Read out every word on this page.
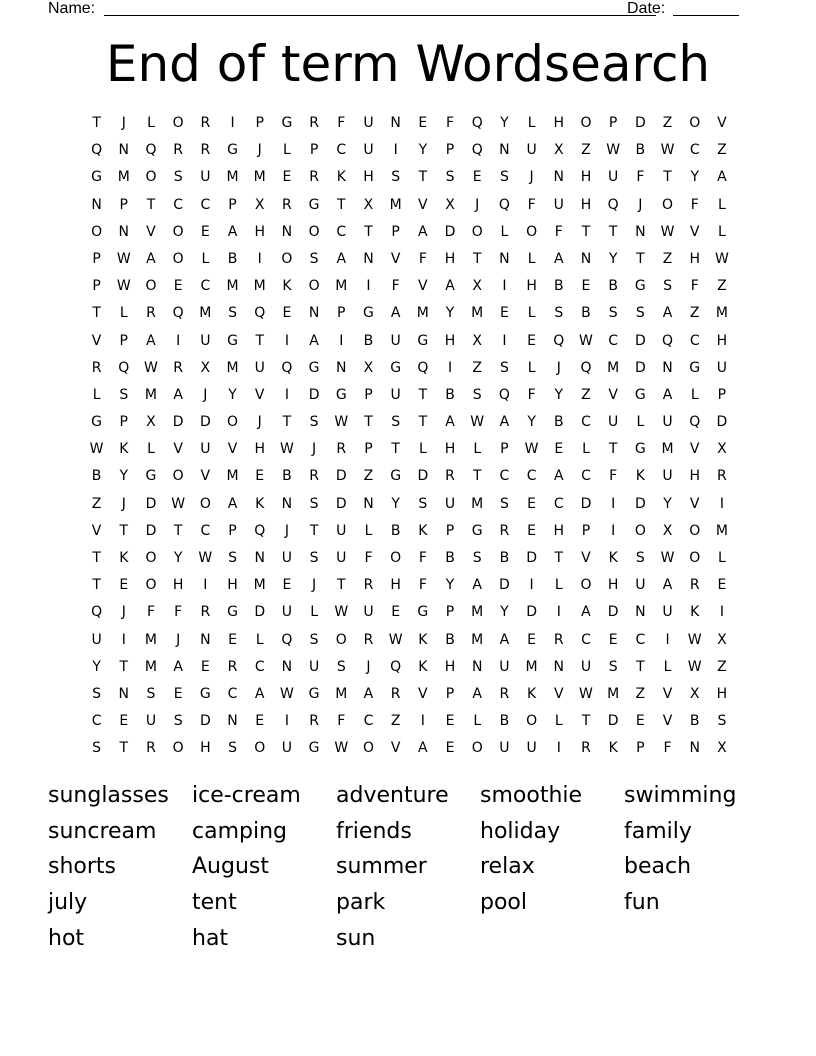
Name:	Date:
End of term Wordsearch
T	J	L	O	R	I	P	G	R	F	U	N	E	F	Q	Y	L	H	O	P	D	Z	O	V
Q	N	Q	R	R	G	J	L	P	C	U	I	Y	P	Q	N	U	X	Z	W	B	W	C	Z
G	M	O	S	U	M	M	E	R	K	H	S	T	S	E	S	J	N	H	U	F	T	Y	A
N	P	T	C	C	P	X	R	G	T	X	M	V	X	J	Q	F	U	H	Q	J	O	F	L
O	N	V	O	E	A	H	N	O	C	T	P	A	D	O	L	O	F	T	T	N	W	V	L
P	W	A	O	L	B	I	O	S	A	N	V	F	H	T	N	L	A	N	Y	T	Z	H	W
P	W	O	E	C	M	M	K	O	M	I	F	V	A	X	I	H	B	E	B	G	S	F	Z
T	L	R	Q	M	S	Q	E	N	P	G	A	M	Y	M	E	L	S	B	S	S	A	Z	M
V	P	A	I	U	G	T	I	A	I	B	U	G	H	X	I	E	Q	W	C	D	Q	C	H
R	Q	W	R	X	M	U	Q	G	N	X	G	Q	I	Z	S	L	J	Q	M	D	N	G	U
L	S	M	A	J	Y	V	I	D	G	P	U	T	B	S	Q	F	Y	Z	V	G	A	L	P
G	P	X	D	D	O	J	T	S	W	T	S	T	A	W	A	Y	B	C	U	L	U	Q	D
W	K	L	V	U	V	H	W	J	R	P	T	L	H	L	P	W	E	L	T	G	M	V	X
B	Y	G	O	V	M	E	B	R	D	Z	G	D	R	T	C	C	A	C	F	K	U	H	R
Z	J	D	W	O	A	K	N	S	D	N	Y	S	U	M	S	E	C	D	I	D	Y	V	I
V	T	D	T	C	P	Q	J	T	U	L	B	K	P	G	R	E	H	P	I	O	X	O	M
T	K	O	Y	W	S	N	U	S	U	F	O	F	B	S	B	D	T	V	K	S	W	O	L
T	E	O	H	I	H	M	E	J	T	R	H	F	Y	A	D	I	L	O	H	U	A	R	E
Q	J	F	F	R	G	D	U	L	W	U	E	G	P	M	Y	D	I	A	D	N	U	K	I
U	I	M	J	N	E	L	Q	S	O	R	W	K	B	M	A	E	R	C	E	C	I	W	X
Y	T	M	A	E	R	C	N	U	S	J	Q	K	H	N	U	M	N	U	S	T	L	W	Z
S	N	S	E	G	C	A	W	G	M	A	R	V	P	A	R	K	V	W	M	Z	V	X	H
C	E	U	S	D	N	E	I	R	F	C	Z	I	E	L	B	O	L	T	D	E	V	B	S
S	T	R	O	H	S	O	U	G	W	O	V	A	E	O	U	U	I	R	K	P	F	N	X
sunglasses	ice-cream	adventure	smoothie	swimming
suncream	camping	friends	holiday	family
shorts	August	summer	relax	beach
july	tent	park	pool	fun
hot	hat	sun
